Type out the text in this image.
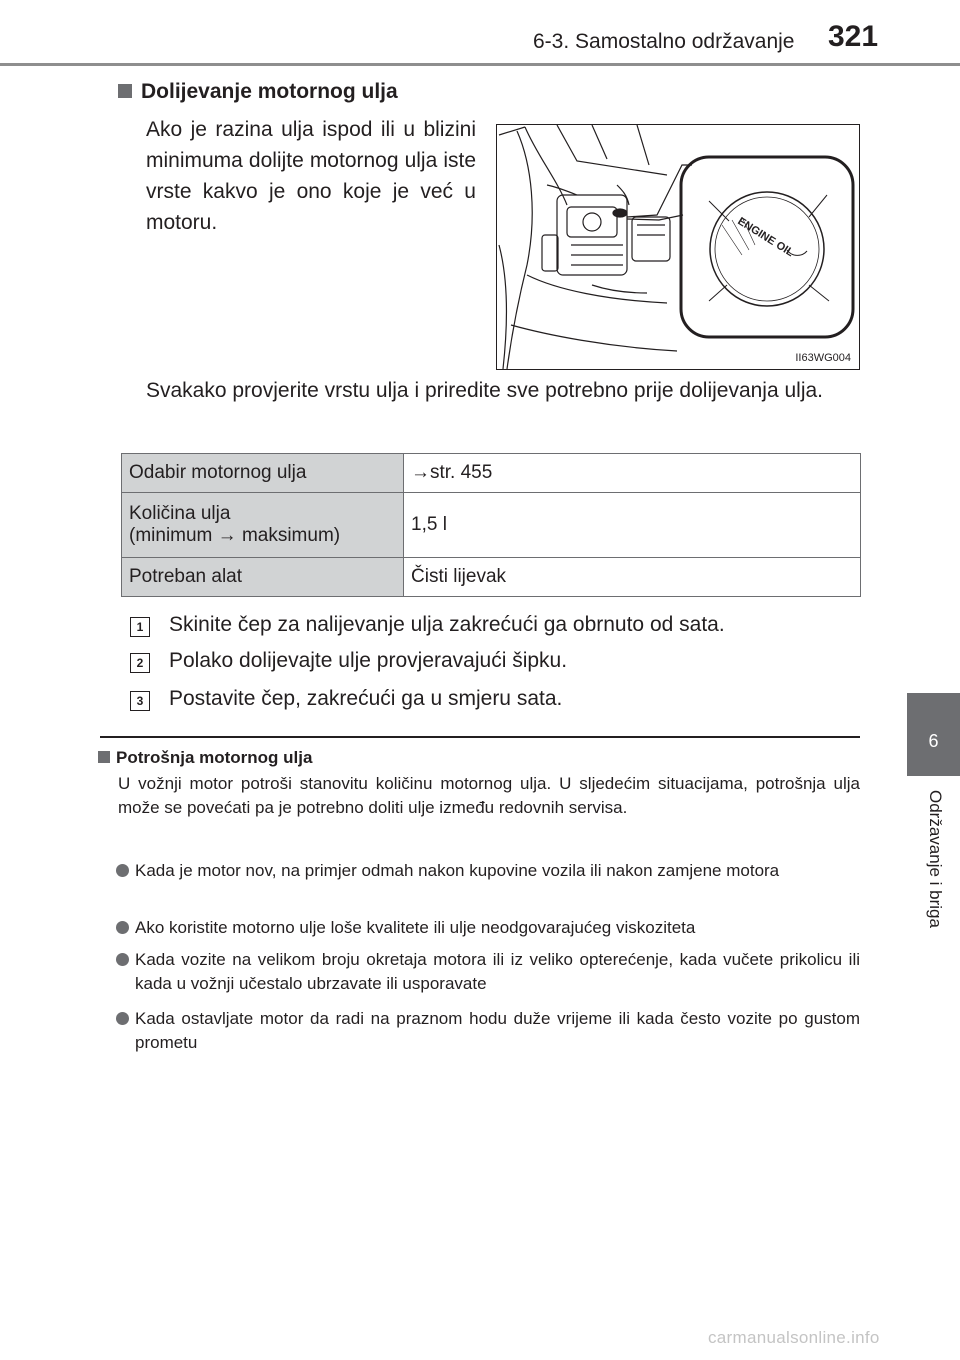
6-3. Samostalno održavanje 321
6
Održavanje i briga
Dolijevanje motornog ulja
Ako je razina ulja ispod ili u blizini minimuma dolijte motornog ulja iste vrste kakvo je ono koje je već u motoru.	ENGINE OIL
II63WG004
Svakako provjerite vrstu ulja i priredite sve potrebno prije dolijevanja ulja.
Odabir motornog ulja	→str. 455
Količina ulja
(minimum → maksimum)	1,5 l
Potreban alat	Čisti lijevak
1	Skinite čep za nalijevanje ulja zakrećući ga obrnuto od sata.
2	Polako dolijevajte ulje provjeravajući šipku.
3	Postavite čep, zakrećući ga u smjeru sata.
Potrošnja motornog ulja
U vožnji motor potroši stanovitu količinu motornog ulja. U sljedećim situacijama, potrošnja ulja može se povećati pa je potrebno doliti ulje između redovnih servisa.
Kada je motor nov, na primjer odmah nakon kupovine vozila ili nakon zamjene motora
Ako koristite motorno ulje loše kvalitete ili ulje neodgovarajućeg viskoziteta
Kada vozite na velikom broju okretaja motora ili iz veliko opterećenje, kada vučete prikolicu ili kada u vožnji učestalo ubrzavate ili usporavate
Kada ostavljate motor da radi na praznom hodu duže vrijeme ili kada često vozite po gustom prometu
carmanualsonline.info
